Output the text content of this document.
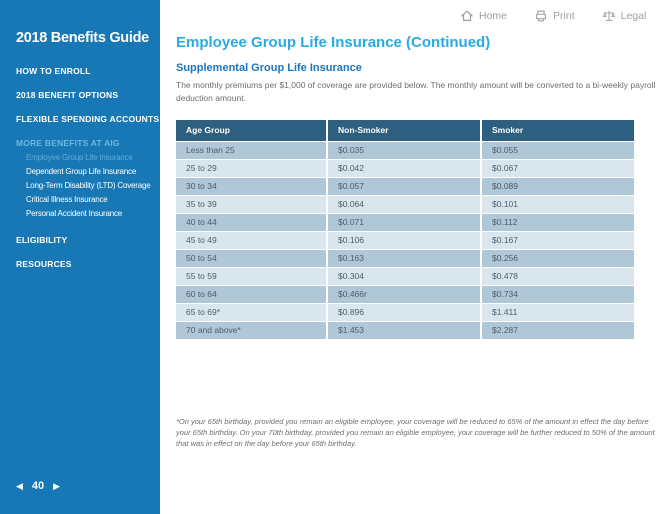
2018 Benefits Guide
HOW TO ENROLL
2018 BENEFIT OPTIONS
FLEXIBLE SPENDING ACCOUNTS
MORE BENEFITS AT AIG
Employee Group Life Insurance
Dependent Group Life Insurance
Long-Term Disability (LTD) Coverage
Critical Illness Insurance
Personal Accident Insurance
ELIGIBILITY
RESOURCES
◀ 40 ▶
Home	Print	Legal
Employee Group Life Insurance (Continued)
Supplemental Group Life Insurance
The monthly premiums per $1,000 of coverage are provided below. The monthly amount will be converted to a bi-weekly payroll deduction amount.
Age Group	Non-Smoker	Smoker
Less than 25	$0.035	$0.055
25 to 29	$0.042	$0.067
30 to 34	$0.057	$0.089
35 to 39	$0.064	$0.101
40 to 44	$0.071	$0.112
45 to 49	$0.106	$0.167
50 to 54	$0.163	$0.256
55 to 59	$0.304	$0.478
60 to 64	$0.466r	$0.734
65 to 69*	$0.896	$1.411
70 and above*	$1.453	$2.287
*On your 65th birthday, provided you remain an eligible employee, your coverage will be reduced to 65% of the amount in effect the day before your 65th birthday. On your 70th birthday, provided you remain an eligible employee, your coverage will be further reduced to 50% of the amount that was in effect on the day before your 65th birthday.
